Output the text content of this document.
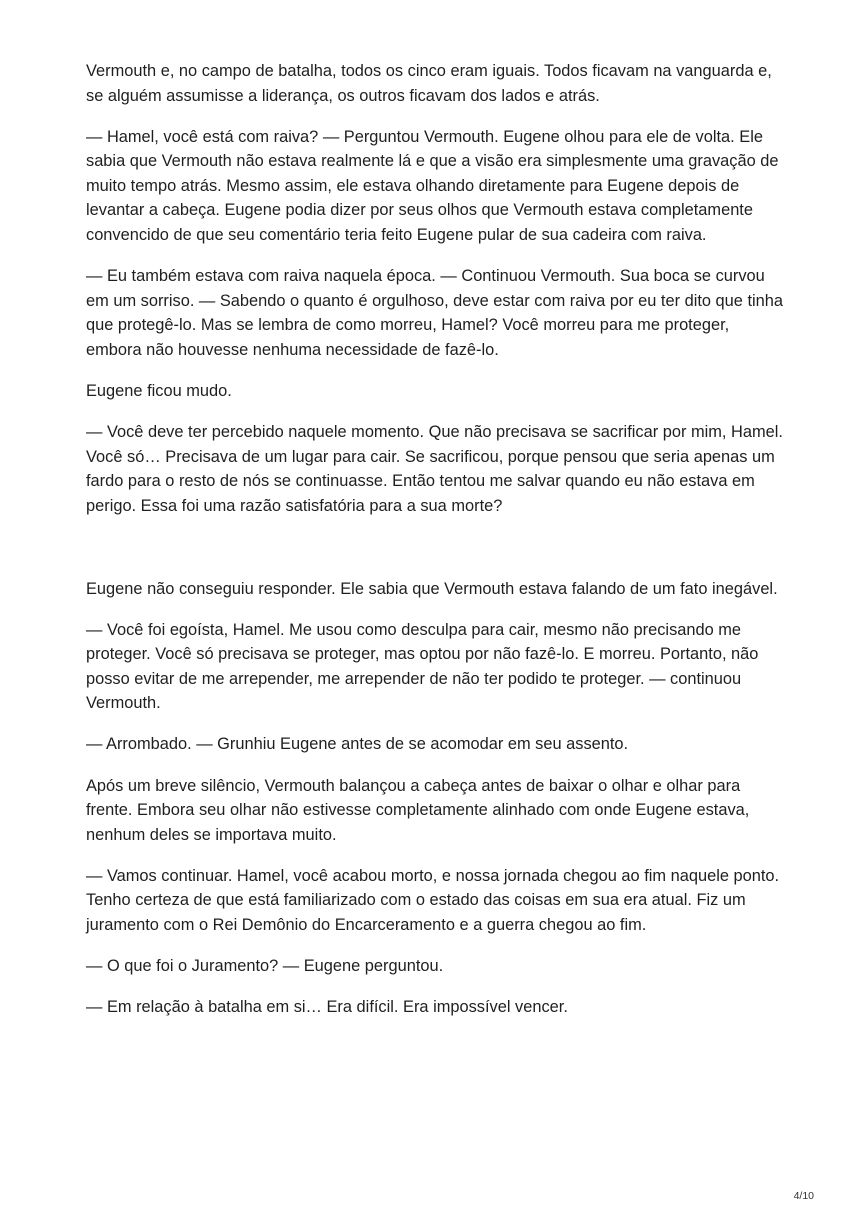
Vermouth e, no campo de batalha, todos os cinco eram iguais. Todos ficavam na vanguarda e, se alguém assumisse a liderança, os outros ficavam dos lados e atrás.

— Hamel, você está com raiva? — Perguntou Vermouth. Eugene olhou para ele de volta. Ele sabia que Vermouth não estava realmente lá e que a visão era simplesmente uma gravação de muito tempo atrás. Mesmo assim, ele estava olhando diretamente para Eugene depois de levantar a cabeça. Eugene podia dizer por seus olhos que Vermouth estava completamente convencido de que seu comentário teria feito Eugene pular de sua cadeira com raiva.

— Eu também estava com raiva naquela época. — Continuou Vermouth. Sua boca se curvou em um sorriso. — Sabendo o quanto é orgulhoso, deve estar com raiva por eu ter dito que tinha que protegê-lo. Mas se lembra de como morreu, Hamel? Você morreu para me proteger, embora não houvesse nenhuma necessidade de fazê-lo.

Eugene ficou mudo.

— Você deve ter percebido naquele momento. Que não precisava se sacrificar por mim, Hamel. Você só… Precisava de um lugar para cair. Se sacrificou, porque pensou que seria apenas um fardo para o resto de nós se continuasse. Então tentou me salvar quando eu não estava em perigo. Essa foi uma razão satisfatória para a sua morte?

Eugene não conseguiu responder. Ele sabia que Vermouth estava falando de um fato inegável.

— Você foi egoísta, Hamel. Me usou como desculpa para cair, mesmo não precisando me proteger. Você só precisava se proteger, mas optou por não fazê-lo. E morreu. Portanto, não posso evitar de me arrepender, me arrepender de não ter podido te proteger. — continuou Vermouth.

— Arrombado. — Grunhiu Eugene antes de se acomodar em seu assento.

Após um breve silêncio, Vermouth balançou a cabeça antes de baixar o olhar e olhar para frente. Embora seu olhar não estivesse completamente alinhado com onde Eugene estava, nenhum deles se importava muito.

— Vamos continuar. Hamel, você acabou morto, e nossa jornada chegou ao fim naquele ponto. Tenho certeza de que está familiarizado com o estado das coisas em sua era atual. Fiz um juramento com o Rei Demônio do Encarceramento e a guerra chegou ao fim.

— O que foi o Juramento? — Eugene perguntou.

— Em relação à batalha em si… Era difícil. Era impossível vencer.

4/10
